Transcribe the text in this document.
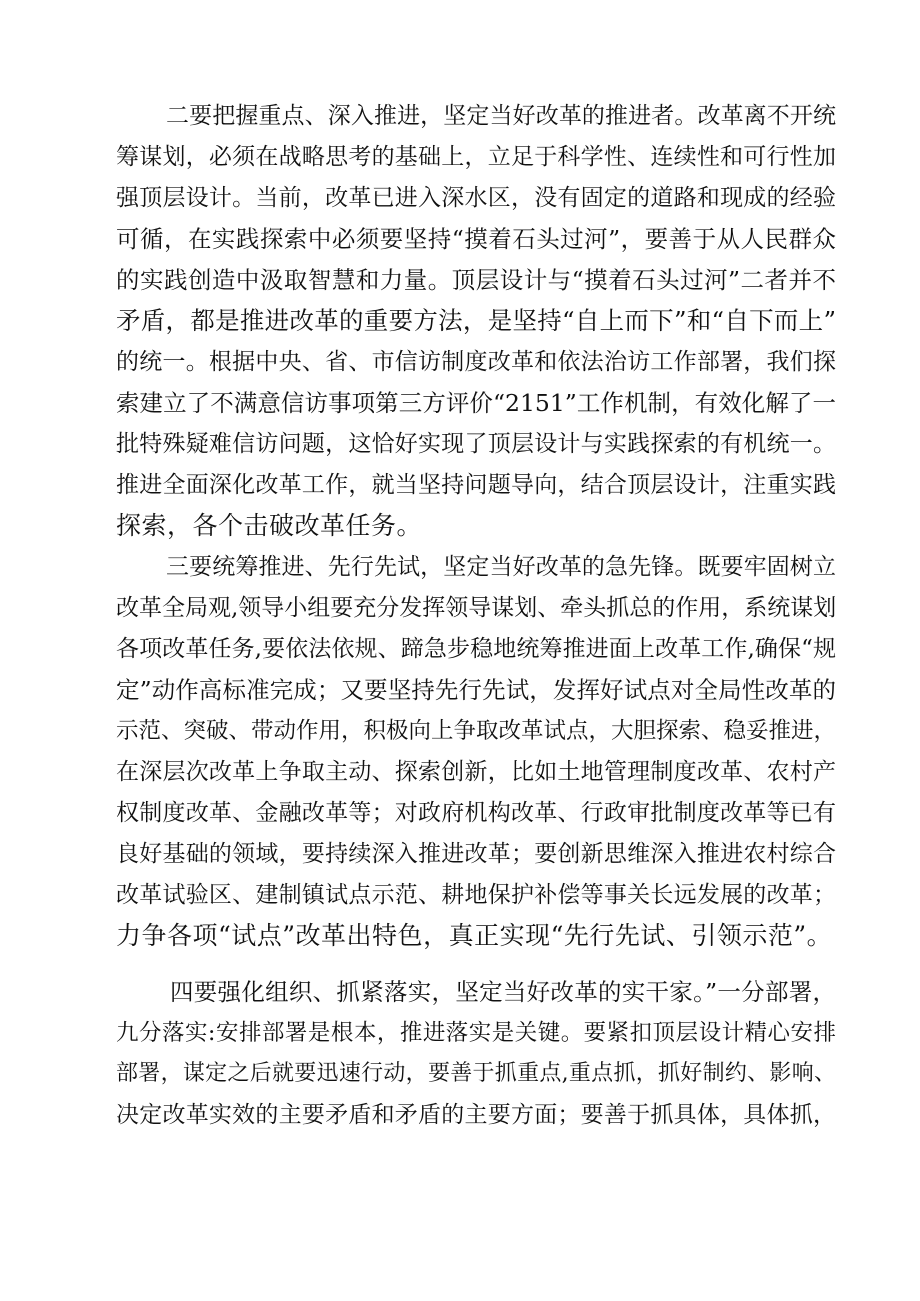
二要把握重点、深入推进，坚定当好改革的推进者。改革离不开统
筹谋划，必须在战略思考的基础上，立足于科学性、连续性和可行性加
强顶层设计。当前，改革已进入深水区，没有固定的道路和现成的经验
可循，在实践探索中必须要坚持“摸着石头过河”，要善于从人民群众
的实践创造中汲取智慧和力量。顶层设计与“摸着石头过河”二者并不
矛盾，都是推进改革的重要方法，是坚持“自上而下”和“自下而上”
的统一。根据中央、省、市信访制度改革和依法治访工作部署，我们探
索建立了不满意信访事项第三方评价“2151”工作机制，有效化解了一
批特殊疑难信访问题，这恰好实现了顶层设计与实践探索的有机统一。
推进全面深化改革工作，就当坚持问题导向，结合顶层设计，注重实践
探索，各个击破改革任务。
三要统筹推进、先行先试，坚定当好改革的急先锋。既要牢固树立
改革全局观,领导小组要充分发挥领导谋划、牵头抓总的作用，系统谋划
各项改革任务,要依法依规、蹄急步稳地统筹推进面上改革工作,确保“规
定”动作高标准完成；又要坚持先行先试，发挥好试点对全局性改革的
示范、突破、带动作用，积极向上争取改革试点，大胆探索、稳妥推进，
在深层次改革上争取主动、探索创新，比如土地管理制度改革、农村产
权制度改革、金融改革等；对政府机构改革、行政审批制度改革等已有
良好基础的领域，要持续深入推进改革；要创新思维深入推进农村综合
改革试验区、建制镇试点示范、耕地保护补偿等事关长远发展的改革；
力争各项“试点”改革出特色，真正实现“先行先试、引领示范”。
四要强化组织、抓紧落实，坚定当好改革的实干家。”一分部署，
九分落实:安排部署是根本，推进落实是关键。要紧扣顶层设计精心安排
部署，谋定之后就要迅速行动，要善于抓重点,重点抓，抓好制约、影响、
决定改革实效的主要矛盾和矛盾的主要方面；要善于抓具体，具体抓，
